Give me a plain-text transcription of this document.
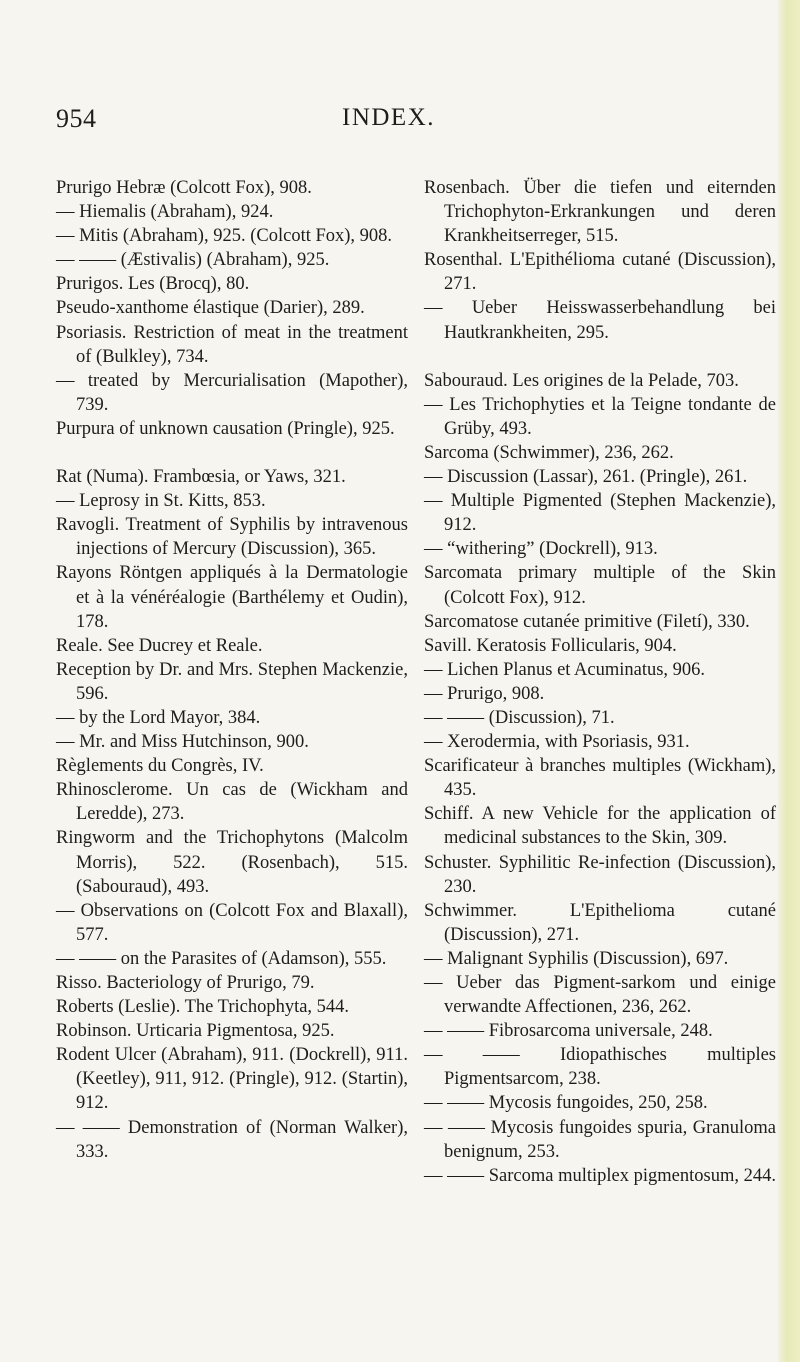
954	INDEX.

Prurigo Hebræ (Colcott Fox), 908.

— Hiemalis (Abraham), 924.

— Mitis (Abraham), 925. (Colcott Fox), 908.

— —— (Æstivalis) (Abraham), 925.

Prurigos. Les (Brocq), 80.

Pseudo-xanthome élastique (Darier), 289.

Psoriasis. Restriction of meat in the treatment of (Bulkley), 734.

— treated by Mercurialisation (Mapother), 739.

Purpura of unknown causation (Pringle), 925.

Rat (Numa). Frambœsia, or Yaws, 321.

— Leprosy in St. Kitts, 853.

Ravogli. Treatment of Syphilis by intravenous injections of Mercury (Discussion), 365.

Rayons Röntgen appliqués à la Dermatologie et à la vénéréalogie (Barthélemy et Oudin), 178.

Reale. See Ducrey et Reale.

Reception by Dr. and Mrs. Stephen Mackenzie, 596.

— by the Lord Mayor, 384.

— Mr. and Miss Hutchinson, 900.

Règlements du Congrès, IV.

Rhinosclerome. Un cas de (Wickham and Leredde), 273.

Ringworm and the Trichophytons (Malcolm Morris), 522. (Rosenbach), 515. (Sabouraud), 493.

— Observations on (Colcott Fox and Blaxall), 577.

— —— on the Parasites of (Adamson), 555.

Risso. Bacteriology of Prurigo, 79.

Roberts (Leslie). The Trichophyta, 544.

Robinson. Urticaria Pigmentosa, 925.

Rodent Ulcer (Abraham), 911. (Dockrell), 911. (Keetley), 911, 912. (Pringle), 912. (Startin), 912.

— —— Demonstration of (Norman Walker), 333.

Rosenbach. Über die tiefen und eiternden Trichophyton-Erkrankungen und deren Krankheitserreger, 515.

Rosenthal. L'Epithélioma cutané (Discussion), 271.

— Ueber Heisswasserbehandlung bei Hautkrankheiten, 295.

Sabouraud. Les origines de la Pelade, 703.

— Les Trichophyties et la Teigne tondante de Grüby, 493.

Sarcoma (Schwimmer), 236, 262.

— Discussion (Lassar), 261. (Pringle), 261.

— Multiple Pigmented (Stephen Mackenzie), 912.

— “withering” (Dockrell), 913.

Sarcomata primary multiple of the Skin (Colcott Fox), 912.

Sarcomatose cutanée primitive (Filetí), 330.

Savill. Keratosis Follicularis, 904.

— Lichen Planus et Acuminatus, 906.

— Prurigo, 908.

— —— (Discussion), 71.

— Xerodermia, with Psoriasis, 931.

Scarificateur à branches multiples (Wickham), 435.

Schiff. A new Vehicle for the application of medicinal substances to the Skin, 309.

Schuster. Syphilitic Re-infection (Discussion), 230.

Schwimmer. L'Epithelioma cutané (Discussion), 271.

— Malignant Syphilis (Discussion), 697.

— Ueber das Pigment-sarkom und einige verwandte Affectionen, 236, 262.

— —— Fibrosarcoma universale, 248.

— —— Idiopathisches multiples Pigmentsarcom, 238.

— —— Mycosis fungoides, 250, 258.

— —— Mycosis fungoides spuria, Granuloma benignum, 253.

— —— Sarcoma multiplex pigmentosum, 244.
